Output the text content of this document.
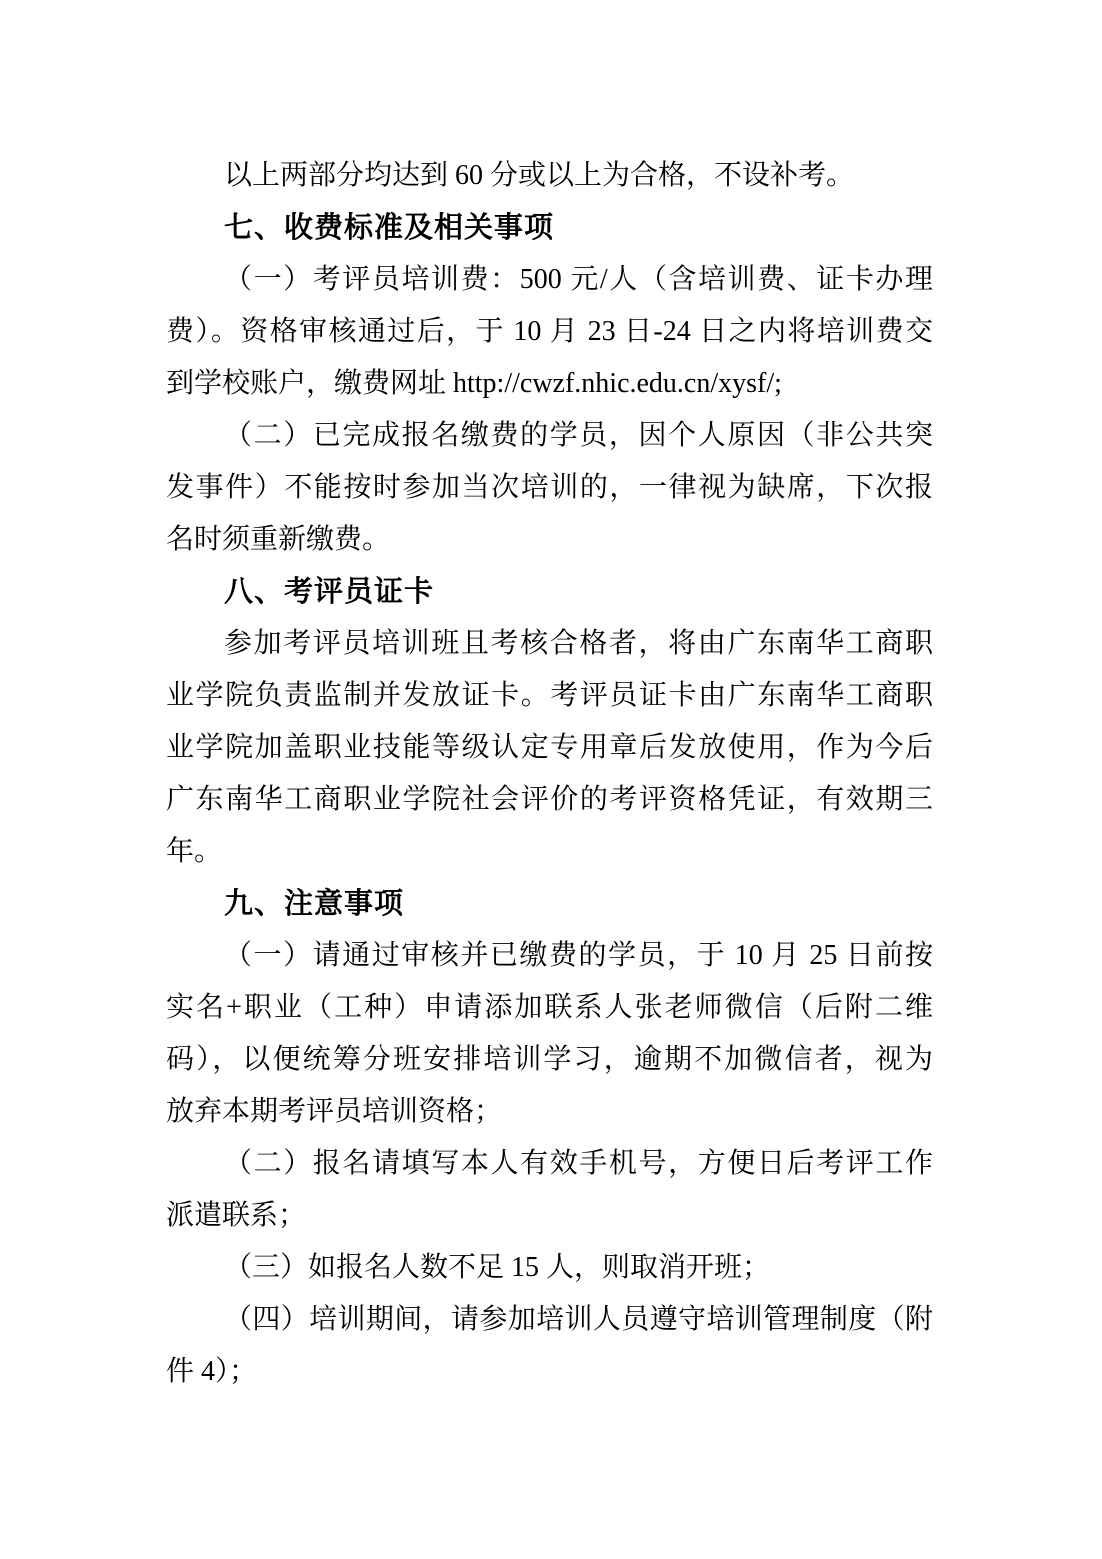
以上两部分均达到 60 分或以上为合格，不设补考。
七、收费标准及相关事项
（一）考评员培训费：500 元/人（含培训费、证卡办理
费）。资格审核通过后，于 10 月 23 日-24 日之内将培训费交
到学校账户，缴费网址 http://cwzf.nhic.edu.cn/xysf/;
（二）已完成报名缴费的学员，因个人原因（非公共突
发事件）不能按时参加当次培训的，一律视为缺席，下次报
名时须重新缴费。
八、考评员证卡
参加考评员培训班且考核合格者，将由广东南华工商职
业学院负责监制并发放证卡。考评员证卡由广东南华工商职
业学院加盖职业技能等级认定专用章后发放使用，作为今后
广东南华工商职业学院社会评价的考评资格凭证，有效期三
年。
九、注意事项
（一）请通过审核并已缴费的学员，于 10 月 25 日前按
实名+职业（工种）申请添加联系人张老师微信（后附二维
码），以便统筹分班安排培训学习，逾期不加微信者，视为
放弃本期考评员培训资格；
（二）报名请填写本人有效手机号，方便日后考评工作
派遣联系；
（三）如报名人数不足 15 人，则取消开班；
（四）培训期间，请参加培训人员遵守培训管理制度（附
件 4）；
